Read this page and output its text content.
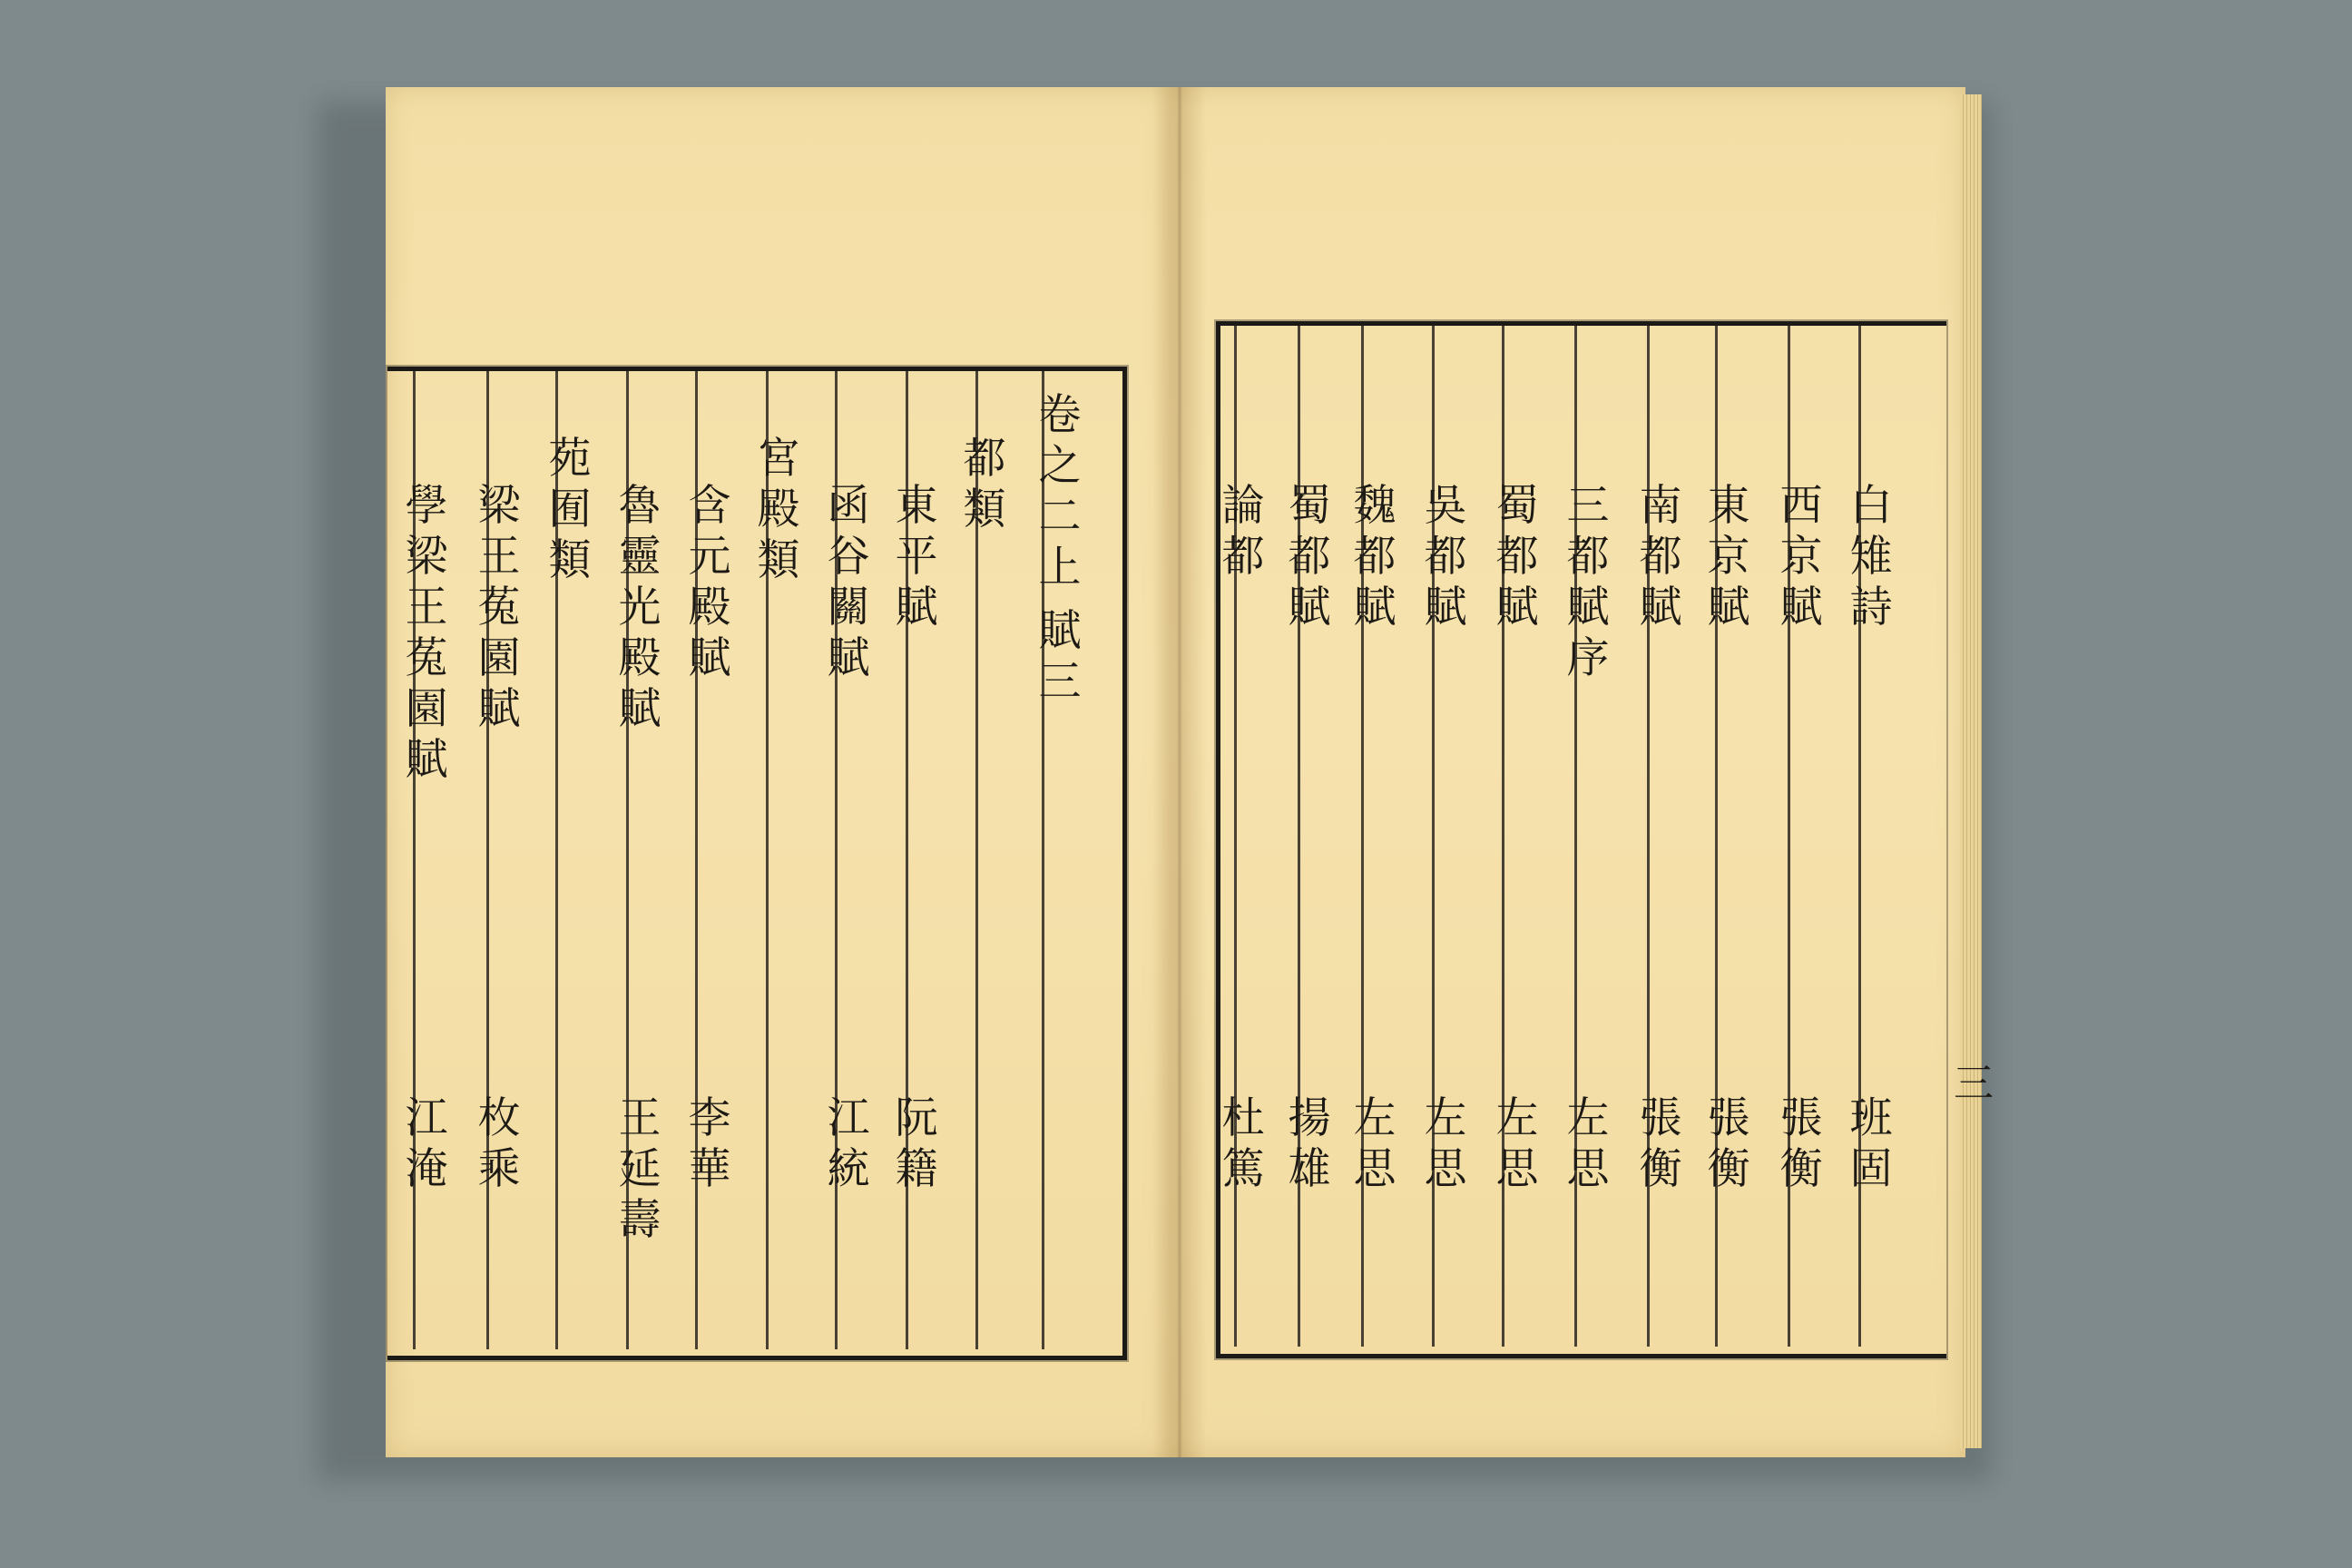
卷
之
二
上
賦
三
都
類
東
平
賦
阮
籍
函
谷
關
賦
江
統
宮
殿
類
含
元
殿
賦
李
華
魯
靈
光
殿
賦
王
延
壽
苑
囿
類
梁
王
菟
園
賦
枚
乘
學
梁
王
菟
園
賦
江
淹
白
雉
詩
班
固
西
京
賦
張
衡
東
京
賦
張
衡
南
都
賦
張
衡
三
都
賦
序
左
思
蜀
都
賦
左
思
吳
都
賦
左
思
魏
都
賦
左
思
蜀
都
賦
揚
雄
論
都
杜
篤
三
